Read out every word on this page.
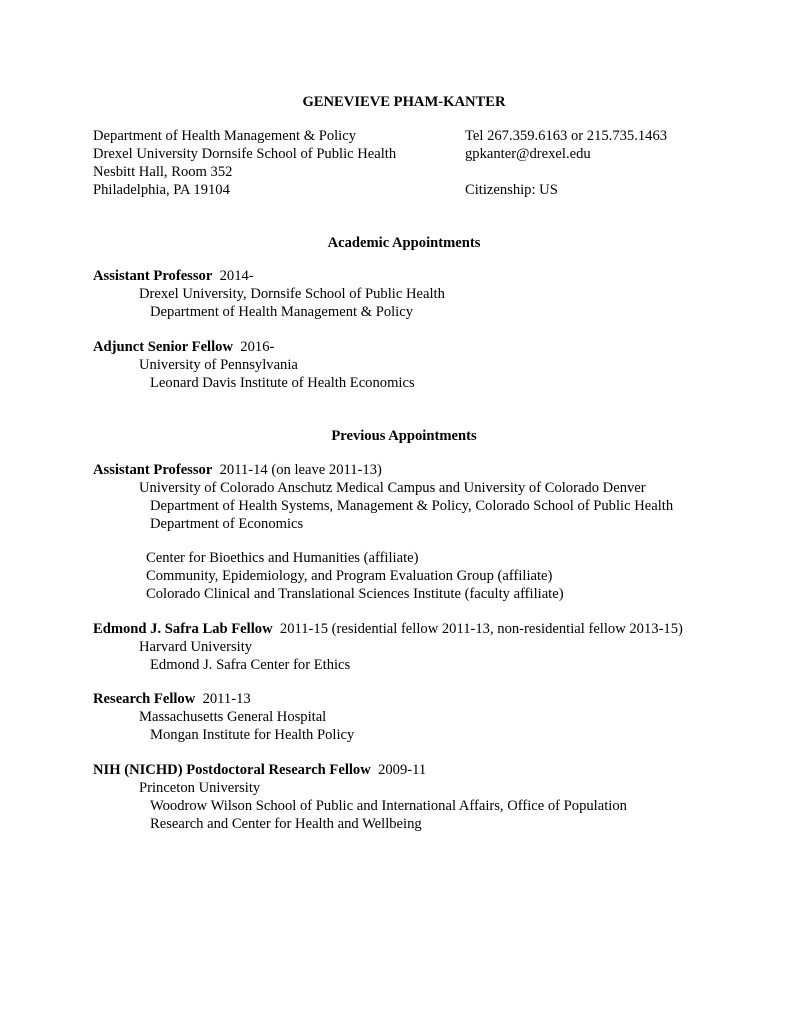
GENEVIEVE PHAM-KANTER
Department of Health Management & Policy
Drexel University Dornsife School of Public Health
Nesbitt Hall, Room 352
Philadelphia, PA 19104
Tel 267.359.6163 or 215.735.1463
gpkanter@drexel.edu
Citizenship: US
Academic Appointments
Assistant Professor 2014-
Drexel University, Dornsife School of Public Health
Department of Health Management & Policy
Adjunct Senior Fellow 2016-
University of Pennsylvania
Leonard Davis Institute of Health Economics
Previous Appointments
Assistant Professor 2011-14 (on leave 2011-13)
University of Colorado Anschutz Medical Campus and University of Colorado Denver
Department of Health Systems, Management & Policy, Colorado School of Public Health
Department of Economics
Center for Bioethics and Humanities (affiliate)
Community, Epidemiology, and Program Evaluation Group (affiliate)
Colorado Clinical and Translational Sciences Institute (faculty affiliate)
Edmond J. Safra Lab Fellow 2011-15 (residential fellow 2011-13, non-residential fellow 2013-15)
Harvard University
Edmond J. Safra Center for Ethics
Research Fellow 2011-13
Massachusetts General Hospital
Mongan Institute for Health Policy
NIH (NICHD) Postdoctoral Research Fellow 2009-11
Princeton University
Woodrow Wilson School of Public and International Affairs, Office of Population
Research and Center for Health and Wellbeing
